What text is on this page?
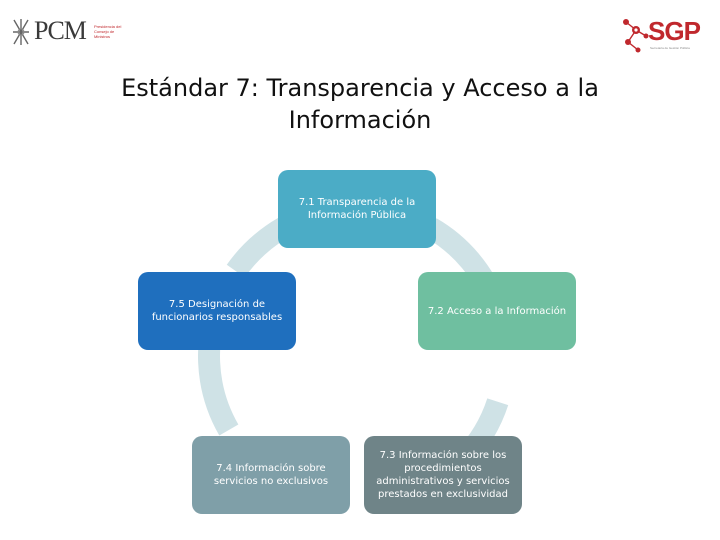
PCM Presidencia del Consejo de Ministros	SGP
Secretaría de Gestión Pública
Estándar 7: Transparencia y Acceso a la Información
7.1 Transparencia de la Información Pública
7.2 Acceso a la Información
7.3 Información sobre los procedimientos administrativos y servicios prestados en exclusividad
7.4 Información sobre servicios no exclusivos
7.5 Designación de funcionarios responsables
